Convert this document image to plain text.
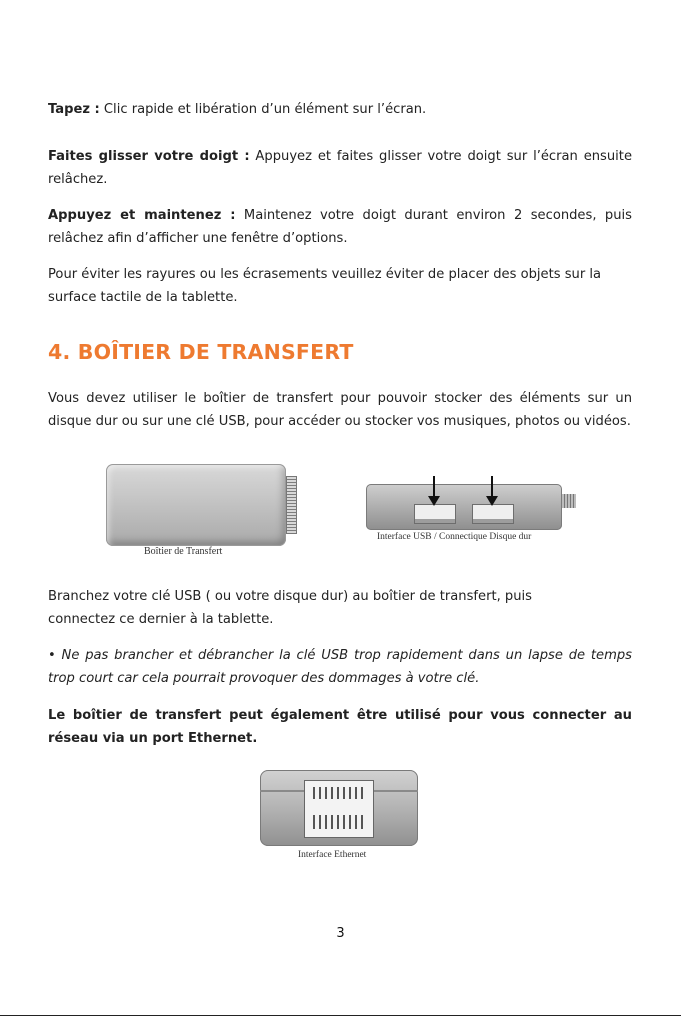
Tapez : Clic rapide et libération d’un élément sur l’écran.

Faites glisser votre doigt : Appuyez et faites glisser votre doigt sur l’écran ensuite relâchez.

Appuyez et maintenez : Maintenez votre doigt durant environ 2 secondes, puis relâchez afin d’afficher une fenêtre d’options.

Pour éviter les rayures ou les écrasements veuillez éviter de placer des objets sur la surface tactile de la tablette.

4. BOÎTIER DE TRANSFERT

Vous devez utiliser le boîtier de transfert pour pouvoir stocker des éléments sur un disque dur ou sur une clé USB, pour accéder ou stocker vos musiques, photos ou vidéos.

Boîtier de Transfert
Interface USB / Connectique Disque dur

Branchez votre clé USB ( ou votre disque dur) au boîtier de transfert, puis connectez ce dernier à la tablette.

• Ne pas brancher et débrancher la clé USB trop rapidement dans un lapse de temps trop court car cela pourrait provoquer des dommages à votre clé.

Le boîtier de transfert peut également être utilisé pour vous connecter au réseau via un port Ethernet.

Interface Ethernet
3
